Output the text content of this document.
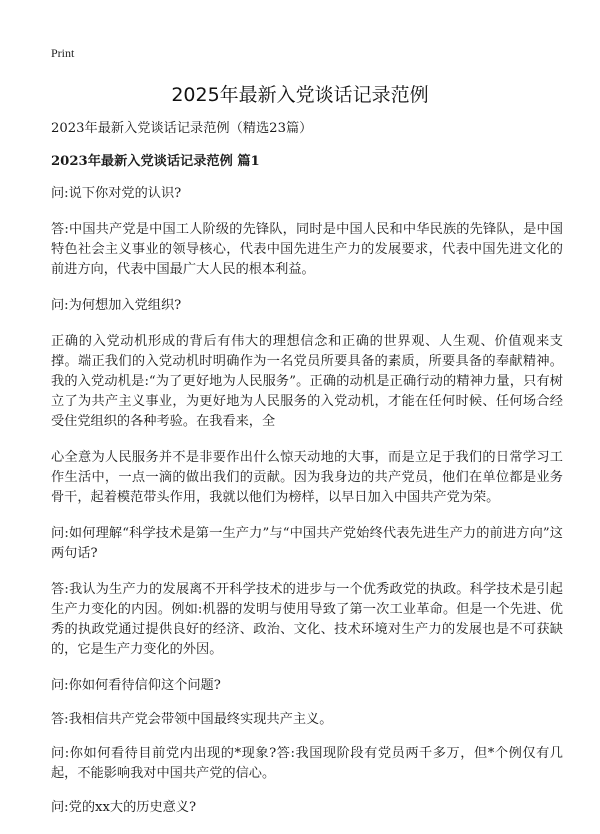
Print
2025年最新入党谈话记录范例

2023年最新入党谈话记录范例（精选23篇）

2023年最新入党谈话记录范例 篇1

问:说下你对党的认识?

答:中国共产党是中国工人阶级的先锋队，同时是中国人民和中华民族的先锋队，是中国特色社会主义事业的领导核心，代表中国先进生产力的发展要求，代表中国先进文化的前进方向，代表中国最广大人民的根本利益。

问:为何想加入党组织?

正确的入党动机形成的背后有伟大的理想信念和正确的世界观、人生观、价值观来支撑。端正我们的入党动机时明确作为一名党员所要具备的素质，所要具备的奉献精神。我的入党动机是:“为了更好地为人民服务”。正确的动机是正确行动的精神力量，只有树立了为共产主义事业，为更好地为人民服务的入党动机，才能在任何时候、任何场合经受住党组织的各种考验。在我看来，全

心全意为人民服务并不是非要作出什么惊天动地的大事，而是立足于我们的日常学习工作生活中，一点一滴的做出我们的贡献。因为我身边的共产党员，他们在单位都是业务骨干，起着模范带头作用，我就以他们为榜样，以早日加入中国共产党为荣。

问:如何理解“科学技术是第一生产力”与“中国共产党始终代表先进生产力的前进方向”这两句话?

答:我认为生产力的发展离不开科学技术的进步与一个优秀政党的执政。科学技术是引起生产力变化的内因。例如:机器的发明与使用导致了第一次工业革命。但是一个先进、优秀的执政党通过提供良好的经济、政治、文化、技术环境对生产力的发展也是不可获缺的，它是生产力变化的外因。

问:你如何看待信仰这个问题?

答:我相信共产党会带领中国最终实现共产主义。

问:你如何看待目前党内出现的*现象?答:我国现阶段有党员两千多万，但*个例仅有几起，不能影响我对中国共产党的信心。

问:党的xx大的历史意义?
